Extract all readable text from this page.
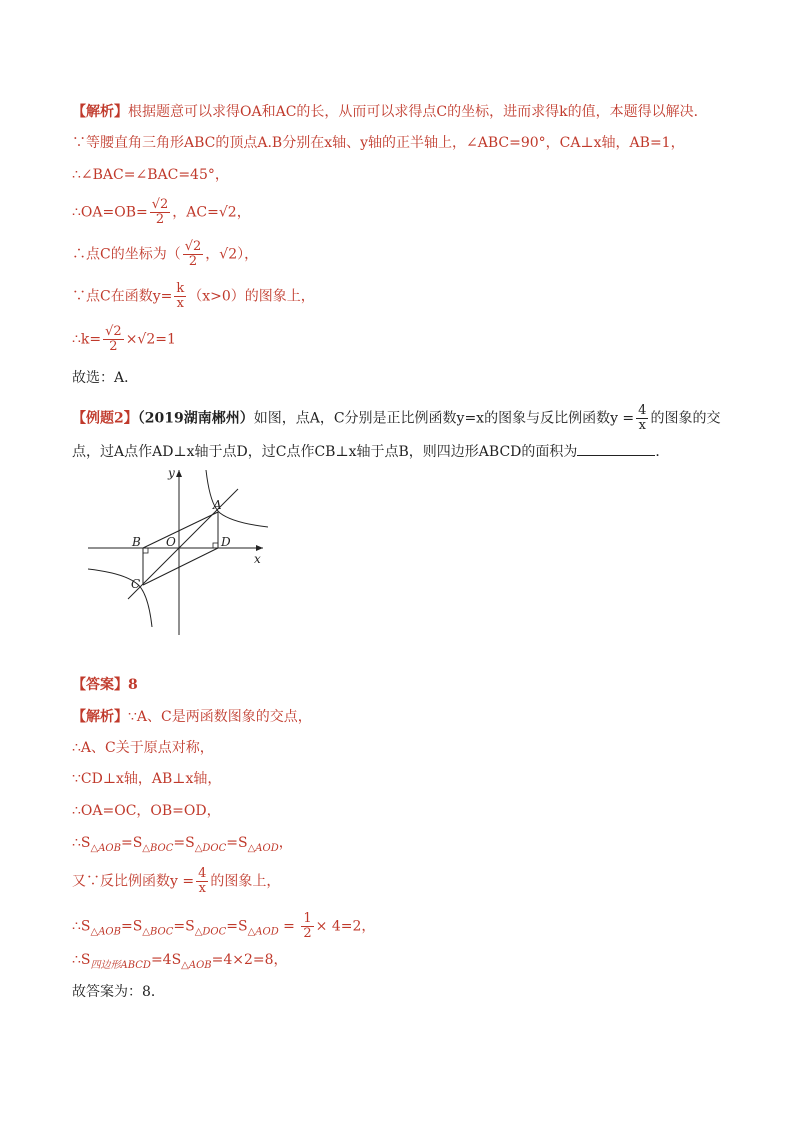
【解析】根据题意可以求得OA和AC的长，从而可以求得点C的坐标，进而求得k的值，本题得以解决．
∵等腰直角三角形ABC的顶点A.B分别在x轴、y轴的正半轴上，∠ABC=90°，CA⊥x轴，AB=1，
∴∠BAC=∠BAC=45°，
∴OA=OB= $\frac{√2}{2}$ ，AC=√2，
∴点C的坐标为（ $\frac{√2}{2}$ ，√2），
∵点C在函数$y= \frac{k}{x} (x>0)$的图象上，
∴k= $\frac{√2}{2} \times√2=1$
故选：A．
【例题2】（2019湖南郴州）如图，点A，C分别是正比例函数y=x的图象与反比例函数$y = \frac{4}{x}$ 的图象的交
点，过A点作AD⊥x轴于点D，过C点作CB⊥x轴于点B，则四边形ABCD的面积为	．
y
x
A
B O	D
C
【答案】8
【解析】∵A、C是两函数图象的交点，
∴A、C关于原点对称，
∵CD⊥x轴，AB⊥x轴，
∴OA=OC，OB=OD，
$\therefore S_{\triangle AOB}=S_{\triangle BOC}=S_{\triangle DOC}=S_{\triangle AOD}$，
又∵反比例函数$y = \frac{4}{x}$ 的图象上，
$\therefore S_{\triangle AOB}=S_{\triangle BOC}=S_{\triangle DOC}=S_{\triangle AOD} = \frac{1}{2} \times 4=2$，
$\therefore S_{四边形ABCD}=4S_{\triangle AOB}=4\times 2=8$，
故答案为：8．
